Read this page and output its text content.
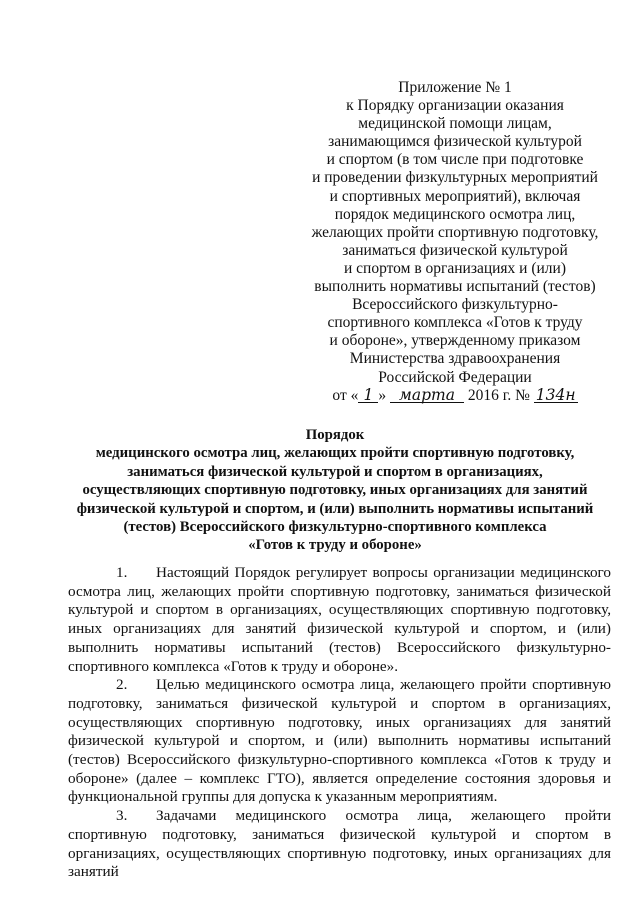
Приложение № 1
к Порядку организации оказания
медицинской помощи лицам,
занимающимся физической культурой
и спортом (в том числе при подготовке
и проведении физкультурных мероприятий
и спортивных мероприятий), включая
порядок медицинского осмотра лиц,
желающих пройти спортивную подготовку,
заниматься физической культурой
и спортом в организациях и (или)
выполнить нормативы испытаний (тестов)
Всероссийского физкультурно-
спортивного комплекса «Готов к труду
и обороне», утвержденному приказом
Министерства здравоохранения
Российской Федерации
от « 1 » марта 2016 г. № 134н
Порядок
медицинского осмотра лиц, желающих пройти спортивную подготовку,
заниматься физической культурой и спортом в организациях,
осуществляющих спортивную подготовку, иных организациях для занятий
физической культурой и спортом, и (или) выполнить нормативы испытаний
(тестов) Всероссийского физкультурно-спортивного комплекса
«Готов к труду и обороне»

1. Настоящий Порядок регулирует вопросы организации медицинского осмотра лиц, желающих пройти спортивную подготовку, заниматься физической культурой и спортом в организациях, осуществляющих спортивную подготовку, иных организациях для занятий физической культурой и спортом, и (или) выполнить нормативы испытаний (тестов) Всероссийского физкультурно-спортивного комплекса «Готов к труду и обороне».

2. Целью медицинского осмотра лица, желающего пройти спортивную подготовку, заниматься физической культурой и спортом в организациях, осуществляющих спортивную подготовку, иных организациях для занятий физической культурой и спортом, и (или) выполнить нормативы испытаний (тестов) Всероссийского физкультурно-спортивного комплекса «Готов к труду и обороне» (далее – комплекс ГТО), является определение состояния здоровья и функциональной группы для допуска к указанным мероприятиям.

3. Задачами медицинского осмотра лица, желающего пройти спортивную подготовку, заниматься физической культурой и спортом в организациях, осуществляющих спортивную подготовку, иных организациях для занятий
